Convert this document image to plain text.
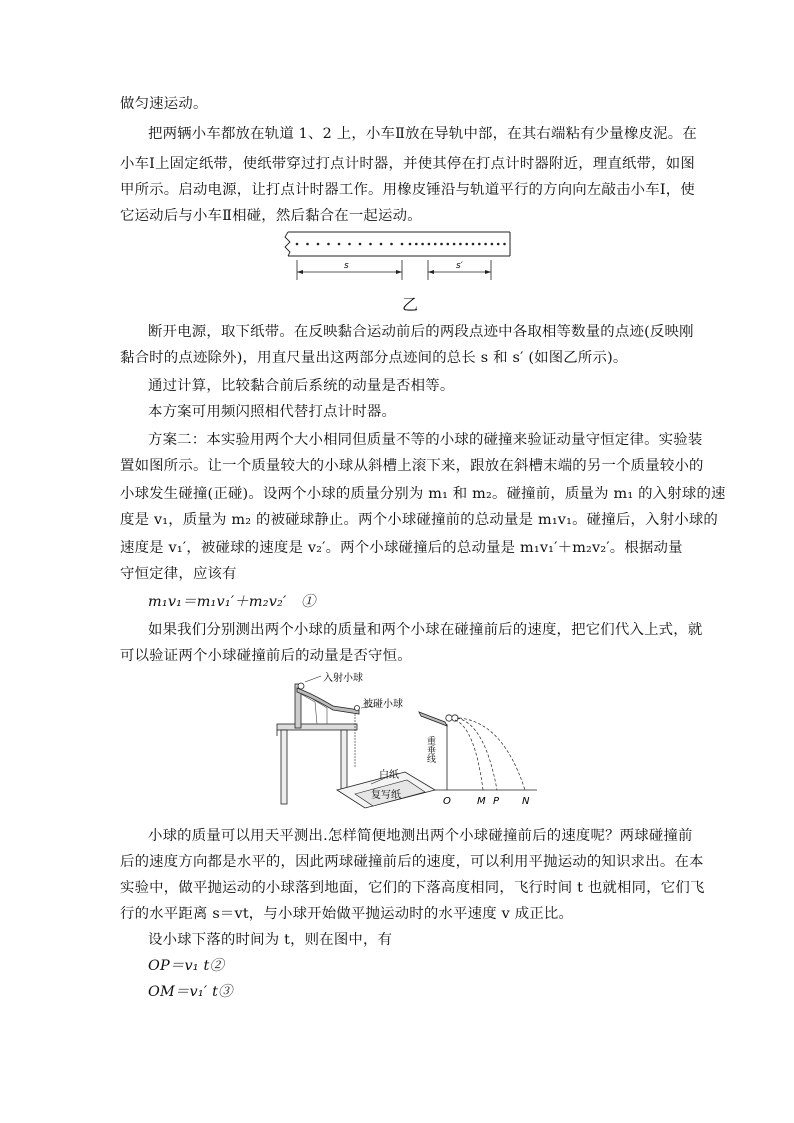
做匀速运动。
把两辆小车都放在轨道 1、2 上，小车Ⅱ放在导轨中部，在其右端粘有少量橡皮泥。在
小车Ⅰ上固定纸带，使纸带穿过打点计时器，并使其停在打点计时器附近，理直纸带，如图
甲所示。启动电源，让打点计时器工作。用橡皮锤沿与轨道平行的方向向左敲击小车Ⅰ，使
它运动后与小车Ⅱ相碰，然后黏合在一起运动。
s	s′
乙
断开电源，取下纸带。在反映黏合运动前后的两段点迹中各取相等数量的点迹(反映刚
黏合时的点迹除外)，用直尺量出这两部分点迹间的总长 s 和 s′ (如图乙所示)。
通过计算，比较黏合前后系统的动量是否相等。
本方案可用频闪照相代替打点计时器。
方案二：本实验用两个大小相同但质量不等的小球的碰撞来验证动量守恒定律。实验装
置如图所示。让一个质量较大的小球从斜槽上滚下来，跟放在斜槽末端的另一个质量较小的
小球发生碰撞(正碰)。设两个小球的质量分别为 m₁ 和 m₂。碰撞前，质量为 m₁ 的入射球的速
度是 v₁，质量为 m₂ 的被碰球静止。两个小球碰撞前的总动量是 m₁v₁。碰撞后，入射小球的
速度是 v₁′，被碰球的速度是 v₂′。两个小球碰撞后的总动量是 m₁v₁′＋m₂v₂′。根据动量
守恒定律，应该有
m₁v₁＝m₁v₁′＋m₂v₂′　①
如果我们分别测出两个小球的质量和两个小球在碰撞前后的速度，把它们代入上式，就
可以验证两个小球碰撞前后的动量是否守恒。
入射小球
被碰小球
白纸
复写纸
重垂线
O	M P N
小球的质量可以用天平测出.怎样简便地测出两个小球碰撞前后的速度呢？两球碰撞前
后的速度方向都是水平的，因此两球碰撞前后的速度，可以利用平抛运动的知识求出。在本
实验中，做平抛运动的小球落到地面，它们的下落高度相同，飞行时间 t 也就相同，它们飞
行的水平距离 s＝vt，与小球开始做平抛运动时的水平速度 v 成正比。
设小球下落的时间为 t，则在图中，有
OP＝v₁ t②
OM＝v₁′ t③
